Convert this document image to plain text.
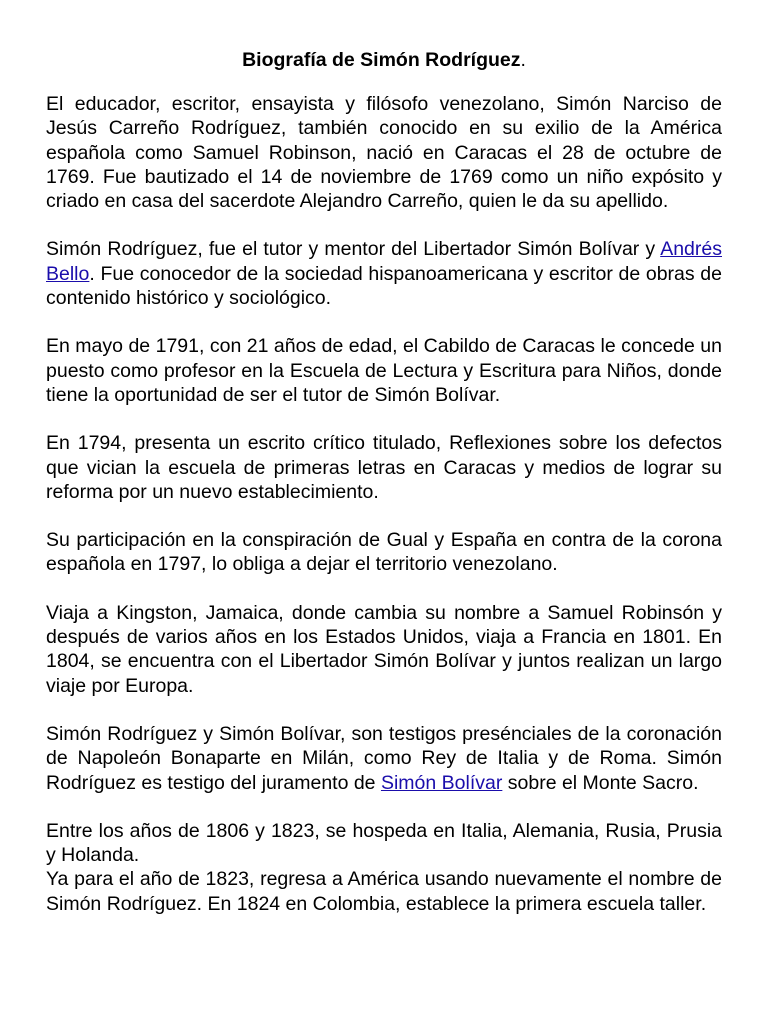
Biografía de Simón Rodríguez.

El educador, escritor, ensayista y filósofo venezolano, Simón Narciso de Jesús Carreño Rodríguez, también conocido en su exilio de la América española como Samuel Robinson, nació en Caracas el 28 de octubre de 1769. Fue bautizado el 14 de noviembre de 1769 como un niño expósito y criado en casa del sacerdote Alejandro Carreño, quien le da su apellido.

Simón Rodríguez, fue el tutor y mentor del Libertador Simón Bolívar y Andrés Bello. Fue conocedor de la sociedad hispanoamericana y escritor de obras de contenido histórico y sociológico.

En mayo de 1791, con 21 años de edad, el Cabildo de Caracas le concede un puesto como profesor en la Escuela de Lectura y Escritura para Niños, donde tiene la oportunidad de ser el tutor de Simón Bolívar.

En 1794, presenta un escrito crítico titulado, Reflexiones sobre los defectos que vician la escuela de primeras letras en Caracas y medios de lograr su reforma por un nuevo establecimiento.

Su participación en la conspiración de Gual y España en contra de la corona española en 1797, lo obliga a dejar el territorio venezolano.

Viaja a Kingston, Jamaica, donde cambia su nombre a Samuel Robinsón y después de varios años en los Estados Unidos, viaja a Francia en 1801. En 1804, se encuentra con el Libertador Simón Bolívar y juntos realizan un largo viaje por Europa.

Simón Rodríguez y Simón Bolívar, son testigos presénciales de la coronación de Napoleón Bonaparte en Milán, como Rey de Italia y de Roma. Simón Rodríguez es testigo del juramento de Simón Bolívar sobre el Monte Sacro.

Entre los años de 1806 y 1823, se hospeda en Italia, Alemania, Rusia, Prusia y Holanda.

Ya para el año de 1823, regresa a América usando nuevamente el nombre de Simón Rodríguez. En 1824 en Colombia, establece la primera escuela taller.
